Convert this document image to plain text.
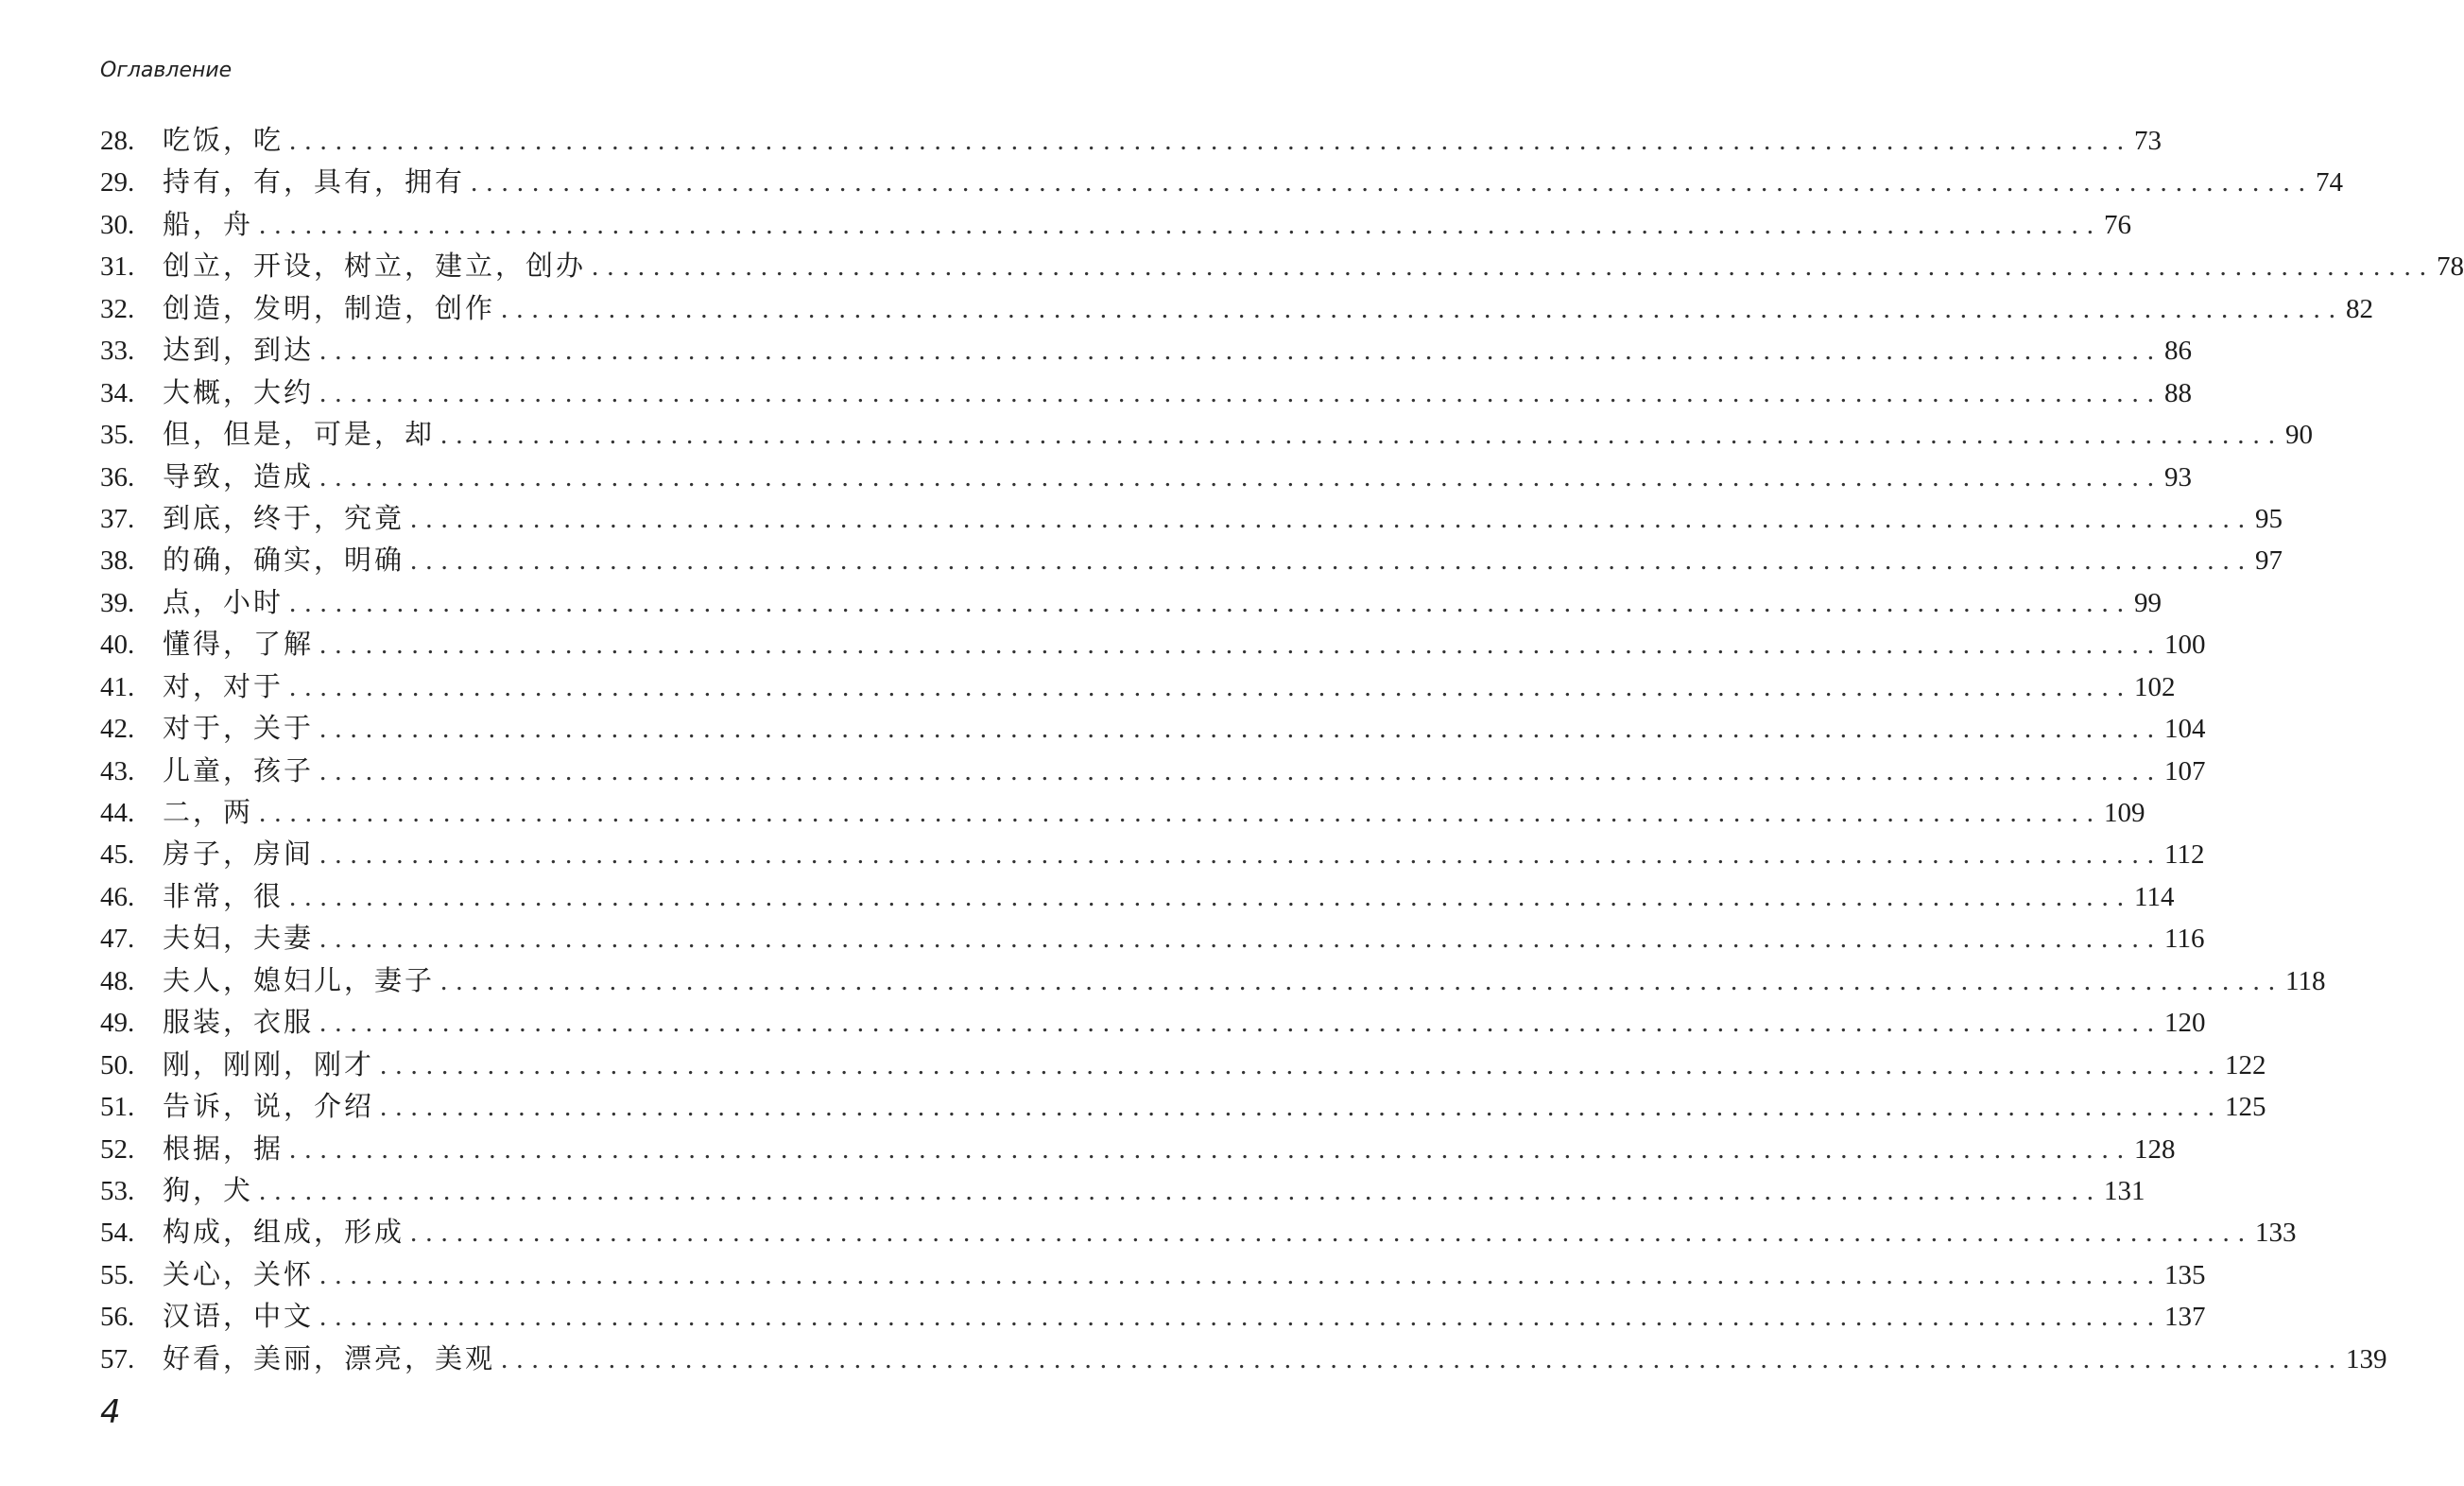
Оглавление
28.	吃饭，吃 ........................................................................................................................ 73
29.	持有，有，具有，拥有 ........................................................................................................................ 74
30.	船，舟 ........................................................................................................................ 76
31.	创立，开设，树立，建立，创办 ........................................................................................................................ 78
32.	创造，发明，制造，创作 ........................................................................................................................ 82
33.	达到，到达 ........................................................................................................................ 86
34.	大概，大约 ........................................................................................................................ 88
35.	但，但是，可是，却 ........................................................................................................................ 90
36.	导致，造成 ........................................................................................................................ 93
37.	到底，终于，究竟 ........................................................................................................................ 95
38.	的确，确实，明确 ........................................................................................................................ 97
39.	点，小时 ........................................................................................................................ 99
40.	懂得，了解 ........................................................................................................................ 100
41.	对，对于 ........................................................................................................................ 102
42.	对于，关于 ........................................................................................................................ 104
43.	儿童，孩子 ........................................................................................................................ 107
44.	二，两 ........................................................................................................................ 109
45.	房子，房间 ........................................................................................................................ 112
46.	非常，很 ........................................................................................................................ 114
47.	夫妇，夫妻 ........................................................................................................................ 116
48.	夫人，媳妇儿，妻子 ........................................................................................................................ 118
49.	服装，衣服 ........................................................................................................................ 120
50.	刚，刚刚，刚才 ........................................................................................................................ 122
51.	告诉，说，介绍 ........................................................................................................................ 125
52.	根据，据 ........................................................................................................................ 128
53.	狗，犬 ........................................................................................................................ 131
54.	构成，组成，形成 ........................................................................................................................ 133
55.	关心，关怀 ........................................................................................................................ 135
56.	汉语，中文 ........................................................................................................................ 137
57.	好看，美丽，漂亮，美观 ........................................................................................................................ 139
4
